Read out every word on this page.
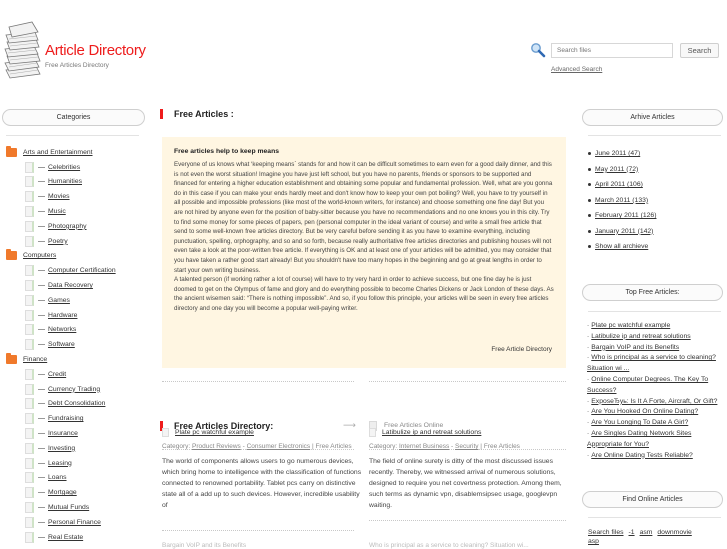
Article Directory
Free Articles Directory
Search files
Search
Advanced Search
Categories
Arts and Entertainment
— Celebrities
— Humanities
— Movies
— Music
— Photography
— Poetry
Computers
— Computer Certification
— Data Recovery
— Games
— Hardware
— Networks
— Software
Finance
— Credit
— Currency Trading
— Debt Consolidation
— Fundraising
— Insurance
— Investing
— Leasing
— Loans
— Mortgage
— Mutual Funds
— Personal Finance
— Real Estate
Free Articles :
Free articles help to keep means
Everyone of us knows what ‘keeping means` stands for and how it can be difficult sometimes to earn even for a good daily dinner, and this is not even the worst situation! Imagine you have just left school, but you have no parents, friends or sponsors to be supported and financed for entering a higher education establishment and obtaining some popular and fundamental profession. Well, what are you gonna do in this case if you can make your ends hardly meet and don't know how to keep your own pot boiling? Well, you have to try yourself in all possible and impossible professions (like most of the world-known writers, for instance) and choose something one fine day! But you are not hired by anyone even for the position of baby-sitter because you have no recommendations and no one knows you in this city. Try to find some money for some pieces of papers, pen (personal computer in the ideal variant of course) and write a small free article that send to some well-known free articles directory. But be very careful before sending it as you have to examine everything, including punctuation, spelling, orphography, and so and so forth, because really authoritative free articles directories and publishing houses will not even take a look at the poor-written free article. If everything is OK and at least one of your articles will be admitted, you may consider that you have taken a rather good start already! But you shouldn't have too many hopes in the beginning and go at great lengths in order to start your own writing business.
A talented person (if working rather a lot of course) will have to try very hard in order to achieve success, but one fine day he is just doomed to get on the Olympus of fame and glory and do everything possible to become Charles Dickens or Jack London of these days. As the ancient wisemen said: “There is nothing impossible”. And so, if you follow this principle, your articles will be seen in every free articles directory and one day you will become a popular well-paying writer.
Free Article Directory
Free Articles Directory:	⟶	Free Articles Online
Plate pc watchful example
Category: Product Reviews - Consumer Electronics | Free Articles
The world of components allows users to go numerous devices, which bring home to intelligence with the classification of functions connected to renowned portability. Tablet pcs carry on distinctive state all of a add up to such devices. However, incredible usability of
Latibulize ip and retreat solutions
Category: Internet Business - Security | Free Articles
The field of online surety is ditty of the most discussed issues recently. Thereby, we witnessed arrival of numerous solutions, designed to require you net covertness protection. Among them, such terms as dynamic vpn, disablemsipsec usage, googlevpn waiting.
Bargain VoIP and its Benefits	Who is principal as a service to cleaning? Situation wi...
Arhive Articles
June 2011 (47)
May 2011 (72)
April 2011 (106)
March 2011 (133)
February 2011 (126)
January 2011 (142)
Show all archieve
Top Free Articles:
- Plate pc watchful example
- Latibulize ip and retreat solutions
- Bargain VoIP and its Benefits
- Who is principal as a service to cleaning? Situation wi ...
- Online Computer Degrees. The Key To Success?
- ExposeЂуь: Is It A Forte, Aircraft, Or Gift?
- Are You Hooked On Online Dating?
- Are You Longing To Date A Girl?
- Are Singles Dating Network Sites Appropriate for You?
- Are Online Dating Tests Reliable?
Find Online Articles
Search files -1 asm downmovie
asp
